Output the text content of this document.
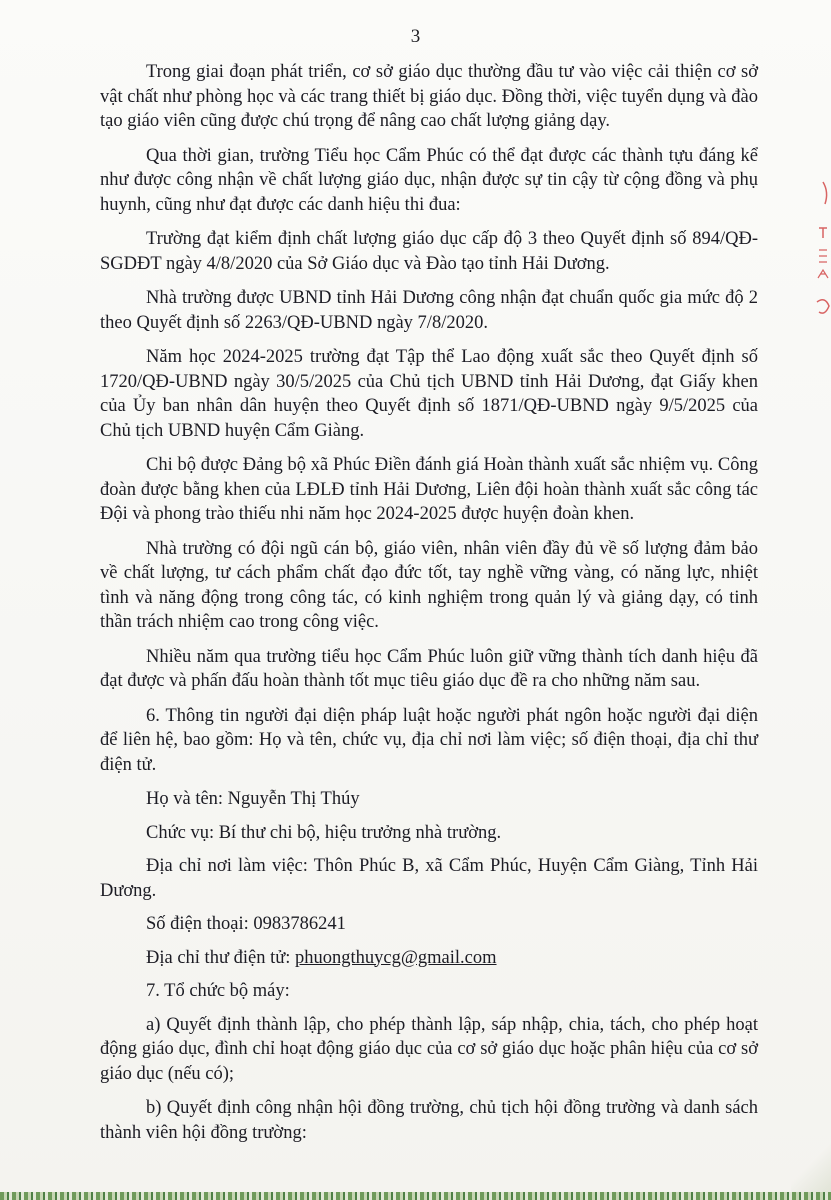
3

Trong giai đoạn phát triển, cơ sở giáo dục thường đầu tư vào việc cải thiện cơ sở vật chất như phòng học và các trang thiết bị giáo dục. Đồng thời, việc tuyển dụng và đào tạo giáo viên cũng được chú trọng để nâng cao chất lượng giảng dạy.

Qua thời gian, trường Tiểu học Cẩm Phúc có thể đạt được các thành tựu đáng kể như được công nhận về chất lượng giáo dục, nhận được sự tin cậy từ cộng đồng và phụ huynh, cũng như đạt được các danh hiệu thi đua:

Trường đạt kiểm định chất lượng giáo dục cấp độ 3 theo Quyết định số 894/QĐ-SGDĐT ngày 4/8/2020 của Sở Giáo dục và Đào tạo tỉnh Hải Dương.

Nhà trường được UBND tỉnh Hải Dương công nhận đạt chuẩn quốc gia mức độ 2 theo Quyết định số 2263/QĐ-UBND ngày 7/8/2020.

Năm học 2024-2025 trường đạt Tập thể Lao động xuất sắc theo Quyết định số 1720/QĐ-UBND ngày 30/5/2025 của Chủ tịch UBND tỉnh Hải Dương, đạt Giấy khen của Ủy ban nhân dân huyện theo Quyết định số 1871/QĐ-UBND ngày 9/5/2025 của Chủ tịch UBND huyện Cẩm Giàng.

Chi bộ được Đảng bộ xã Phúc Điền đánh giá Hoàn thành xuất sắc nhiệm vụ. Công đoàn được bằng khen của LĐLĐ tỉnh Hải Dương, Liên đội hoàn thành xuất sắc công tác Đội và phong trào thiếu nhi năm học 2024-2025 được huyện đoàn khen.

Nhà trường có đội ngũ cán bộ, giáo viên, nhân viên đầy đủ về số lượng đảm bảo về chất lượng, tư cách phẩm chất đạo đức tốt, tay nghề vững vàng, có năng lực, nhiệt tình và năng động trong công tác, có kinh nghiệm trong quản lý và giảng dạy, có tinh thần trách nhiệm cao trong công việc.

Nhiều năm qua trường tiểu học Cẩm Phúc luôn giữ vững thành tích danh hiệu đã đạt được và phấn đấu hoàn thành tốt mục tiêu giáo dục đề ra cho những năm sau.

6. Thông tin người đại diện pháp luật hoặc người phát ngôn hoặc người đại diện để liên hệ, bao gồm: Họ và tên, chức vụ, địa chỉ nơi làm việc; số điện thoại, địa chỉ thư điện tử.

Họ và tên: Nguyễn Thị Thúy

Chức vụ: Bí thư chi bộ, hiệu trưởng nhà trường.

Địa chỉ nơi làm việc: Thôn Phúc B, xã Cẩm Phúc, Huyện Cẩm Giàng, Tỉnh Hải Dương.

Số điện thoại: 0983786241

Địa chỉ thư điện tử: phuongthuycg@gmail.com

7. Tổ chức bộ máy:

a) Quyết định thành lập, cho phép thành lập, sáp nhập, chia, tách, cho phép hoạt động giáo dục, đình chỉ hoạt động giáo dục của cơ sở giáo dục hoặc phân hiệu của cơ sở giáo dục (nếu có);

b) Quyết định công nhận hội đồng trường, chủ tịch hội đồng trường và danh sách thành viên hội đồng trường:
